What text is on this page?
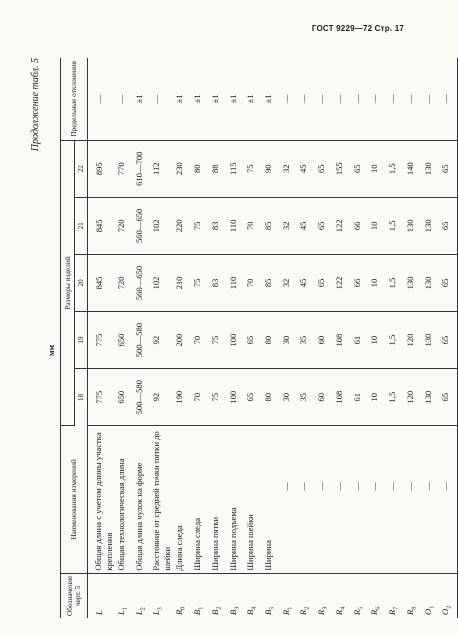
ГОСТ 9229—72 Стр. 17
Продолжение табл. 5
мм
Обозначение черт. 5	Наименования измерений	Размеры изделий					Предельные отклонения
		18	19	20	21	22	
L	Общая длина с учетом длины участка крепления	775	775	845	845	895	—
$L_1$	Общая технологическая длина	650	650	720	720	770	—
$L_2$	Общая длина чулок на форме	500—580	500—580	560—650	560—650	610—700	±1
$L_3$	Расстояние от средней точки пятки до шейки	92	92	102	102	112	—
$R_0$	Длина следа	190	200	210	220	230	±1
$B_1$	Ширина следа	70	70	75	75	80	±1
$B_2$	Ширина пятки	75	75	83	83	88	±1
$B_3$	Ширина подъема	100	100	110	110	115	±1
$B_4$	Ширина шейки	65	65	70	70	75	±1
$B_5$	Ширина	80	80	85	85	90	±1
$R_1$	—	30	30	32	32	32	—
$R_2$	—	35	35	45	45	45	—
$R_3$	—	60	60	65	65	65	—
$R_4$	—	108	108	122	122	155	—
$R_5$	—	61	61	66	66	65	—
$R_6$	—	10	10	10	10	10	—
$R_7$	—	1,5	1,5	1,5	1,5	1,5	—
$R_8$	—	120	120	130	130	140	—
$O_1$	—	130	130	130	130	130	—
$O_2$	—	65	65	65	65	65	—
